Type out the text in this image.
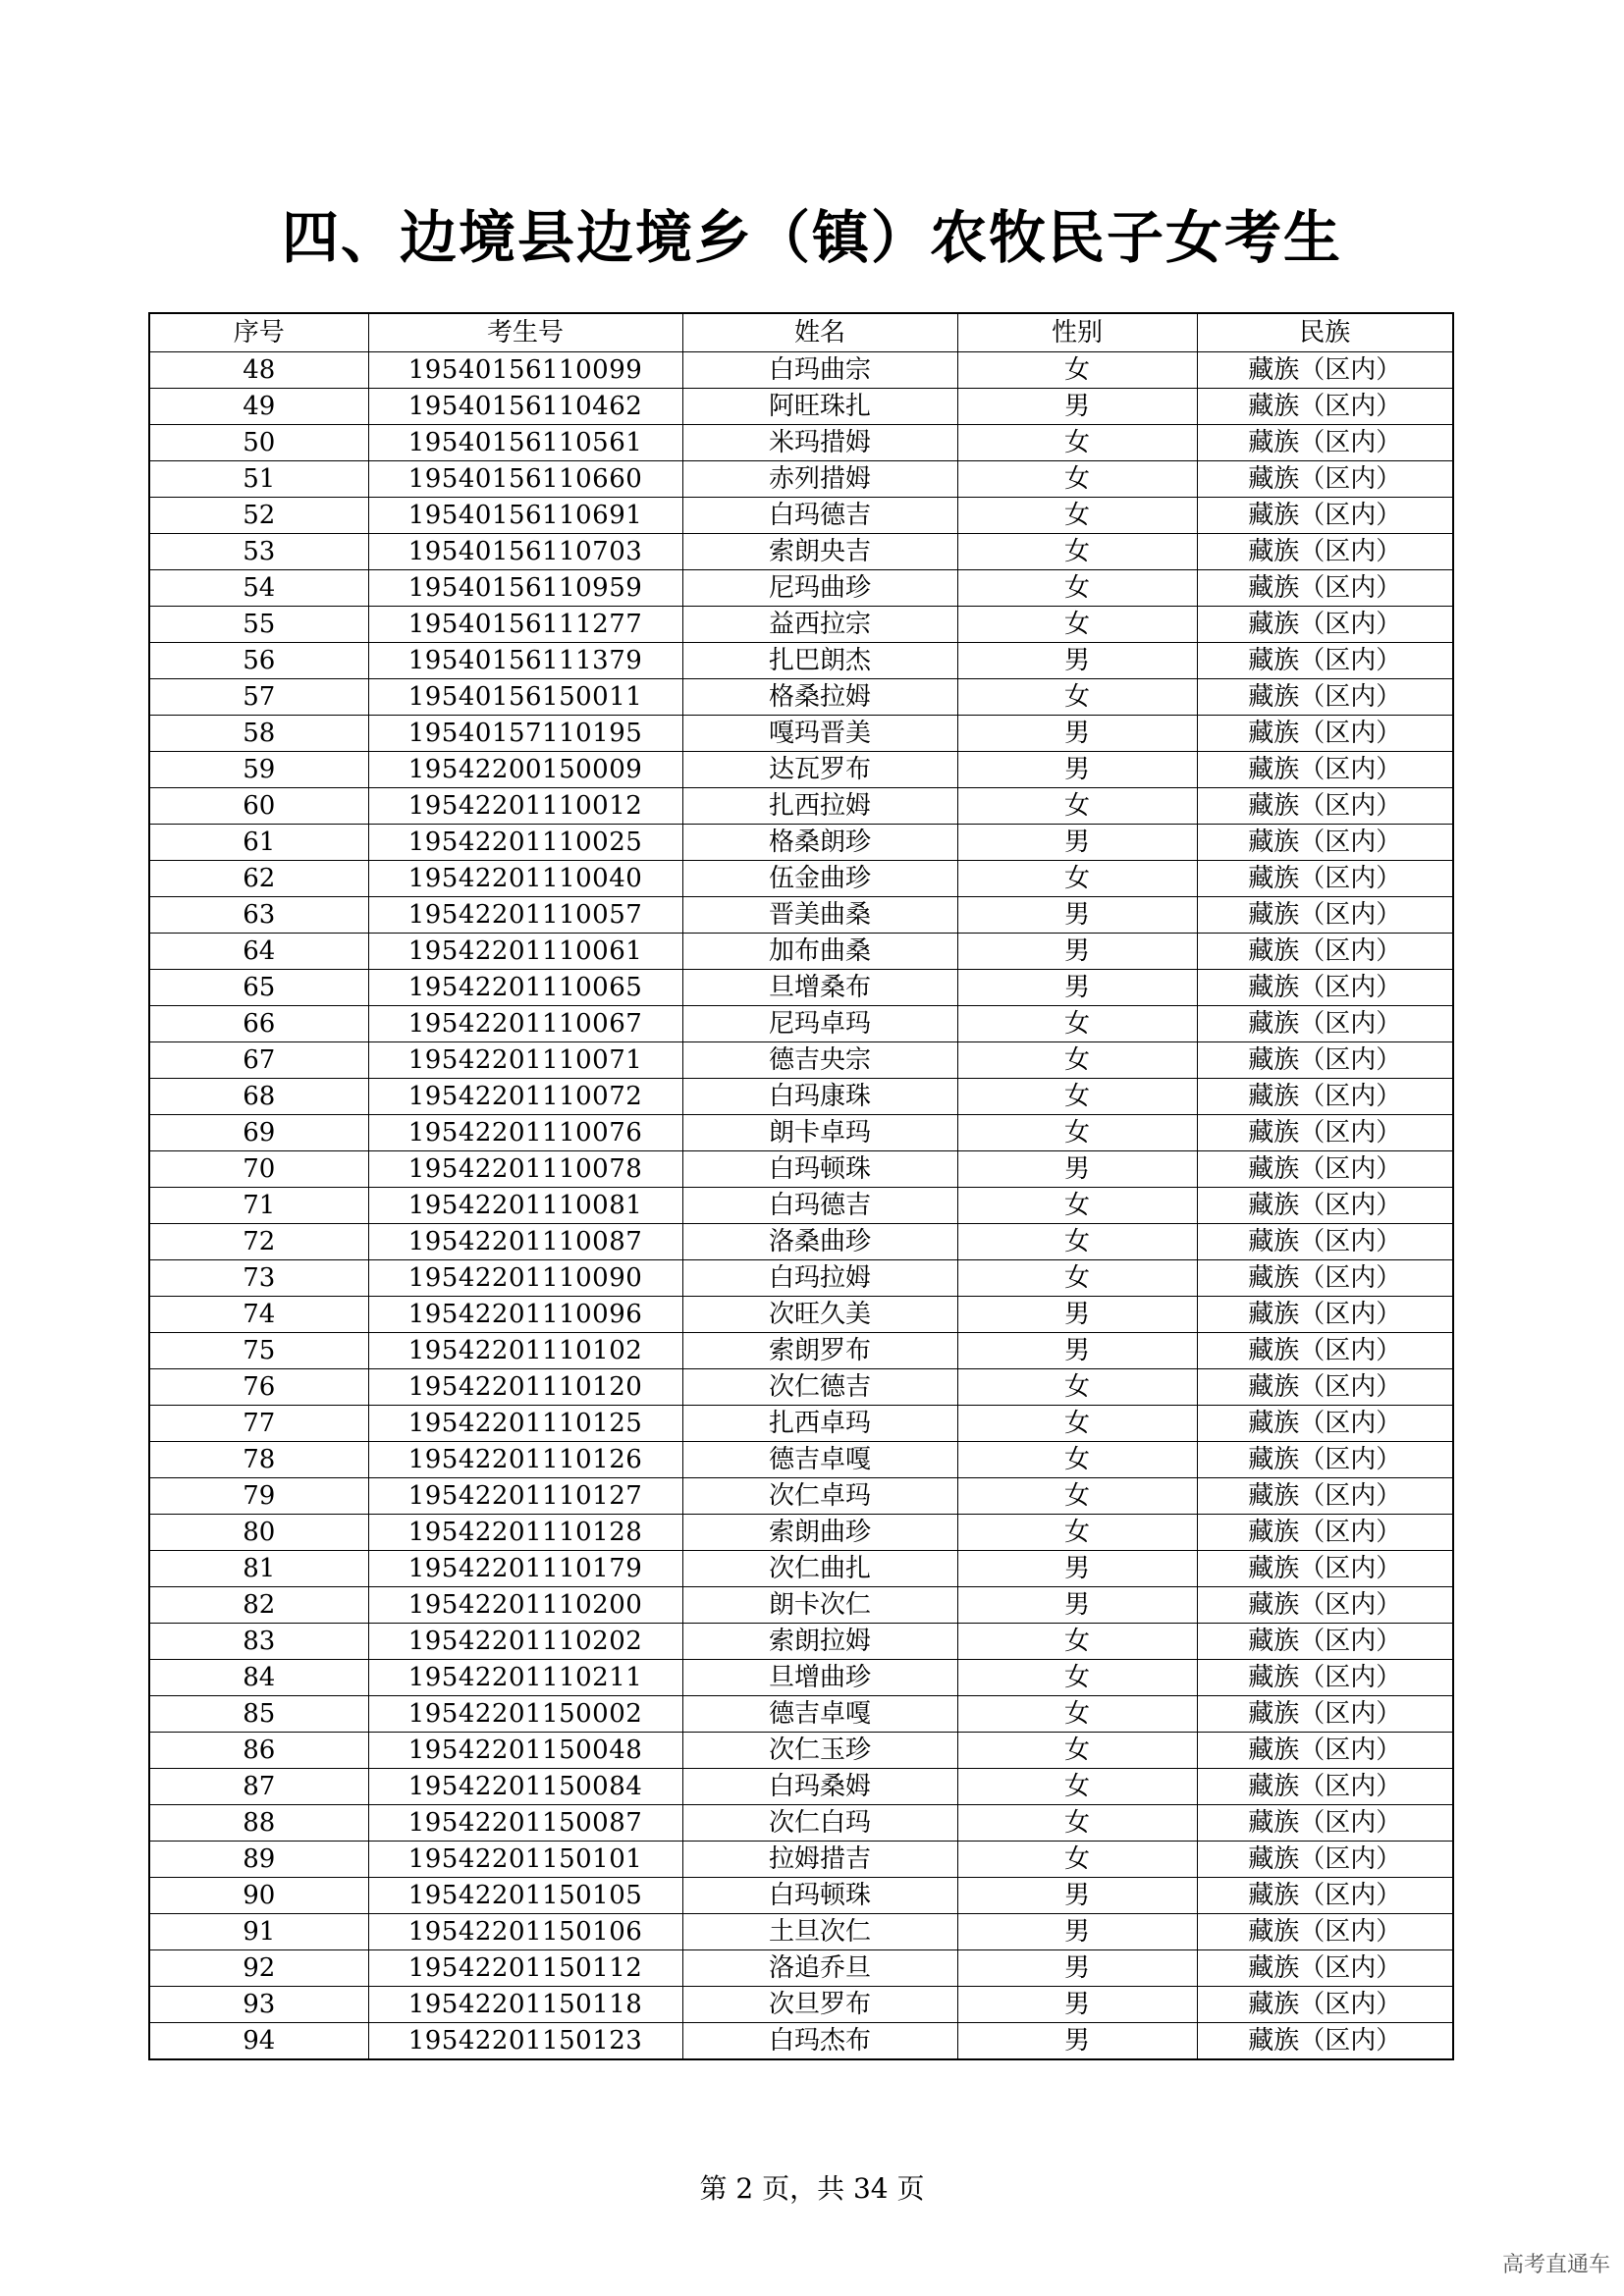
四、边境县边境乡（镇）农牧民子女考生
序号	考生号	姓名	性别	民族
48	19540156110099	白玛曲宗	女	藏族（区内）
49	19540156110462	阿旺珠扎	男	藏族（区内）
50	19540156110561	米玛措姆	女	藏族（区内）
51	19540156110660	赤列措姆	女	藏族（区内）
52	19540156110691	白玛德吉	女	藏族（区内）
53	19540156110703	索朗央吉	女	藏族（区内）
54	19540156110959	尼玛曲珍	女	藏族（区内）
55	19540156111277	益西拉宗	女	藏族（区内）
56	19540156111379	扎巴朗杰	男	藏族（区内）
57	19540156150011	格桑拉姆	女	藏族（区内）
58	19540157110195	嘎玛晋美	男	藏族（区内）
59	19542200150009	达瓦罗布	男	藏族（区内）
60	19542201110012	扎西拉姆	女	藏族（区内）
61	19542201110025	格桑朗珍	男	藏族（区内）
62	19542201110040	伍金曲珍	女	藏族（区内）
63	19542201110057	晋美曲桑	男	藏族（区内）
64	19542201110061	加布曲桑	男	藏族（区内）
65	19542201110065	旦增桑布	男	藏族（区内）
66	19542201110067	尼玛卓玛	女	藏族（区内）
67	19542201110071	德吉央宗	女	藏族（区内）
68	19542201110072	白玛康珠	女	藏族（区内）
69	19542201110076	朗卡卓玛	女	藏族（区内）
70	19542201110078	白玛顿珠	男	藏族（区内）
71	19542201110081	白玛德吉	女	藏族（区内）
72	19542201110087	洛桑曲珍	女	藏族（区内）
73	19542201110090	白玛拉姆	女	藏族（区内）
74	19542201110096	次旺久美	男	藏族（区内）
75	19542201110102	索朗罗布	男	藏族（区内）
76	19542201110120	次仁德吉	女	藏族（区内）
77	19542201110125	扎西卓玛	女	藏族（区内）
78	19542201110126	德吉卓嘎	女	藏族（区内）
79	19542201110127	次仁卓玛	女	藏族（区内）
80	19542201110128	索朗曲珍	女	藏族（区内）
81	19542201110179	次仁曲扎	男	藏族（区内）
82	19542201110200	朗卡次仁	男	藏族（区内）
83	19542201110202	索朗拉姆	女	藏族（区内）
84	19542201110211	旦增曲珍	女	藏族（区内）
85	19542201150002	德吉卓嘎	女	藏族（区内）
86	19542201150048	次仁玉珍	女	藏族（区内）
87	19542201150084	白玛桑姆	女	藏族（区内）
88	19542201150087	次仁白玛	女	藏族（区内）
89	19542201150101	拉姆措吉	女	藏族（区内）
90	19542201150105	白玛顿珠	男	藏族（区内）
91	19542201150106	土旦次仁	男	藏族（区内）
92	19542201150112	洛追乔旦	男	藏族（区内）
93	19542201150118	次旦罗布	男	藏族（区内）
94	19542201150123	白玛杰布	男	藏族（区内）
第 2 页，共 34 页
高考直通车
